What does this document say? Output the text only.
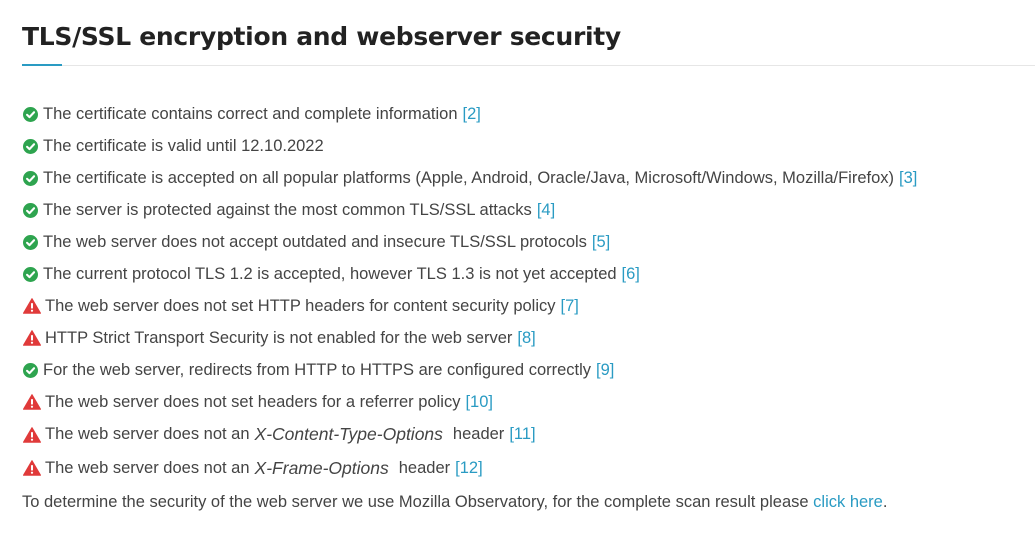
TLS/SSL encryption and webserver security
The certificate contains correct and complete information [2]
The certificate is valid until 12.10.2022
The certificate is accepted on all popular platforms (Apple, Android, Oracle/Java, Microsoft/Windows, Mozilla/Firefox) [3]
The server is protected against the most common TLS/SSL attacks [4]
The web server does not accept outdated and insecure TLS/SSL protocols [5]
The current protocol TLS 1.2 is accepted, however TLS 1.3 is not yet accepted [6]
The web server does not set HTTP headers for content security policy [7]
HTTP Strict Transport Security is not enabled for the web server [8]
For the web server, redirects from HTTP to HTTPS are configured correctly [9]
The web server does not set headers for a referrer policy [10]
The web server does not an X-Content-Type-Options header [11]
The web server does not an X-Frame-Options header [12]
To determine the security of the web server we use Mozilla Observatory, for the complete scan result please click here.
